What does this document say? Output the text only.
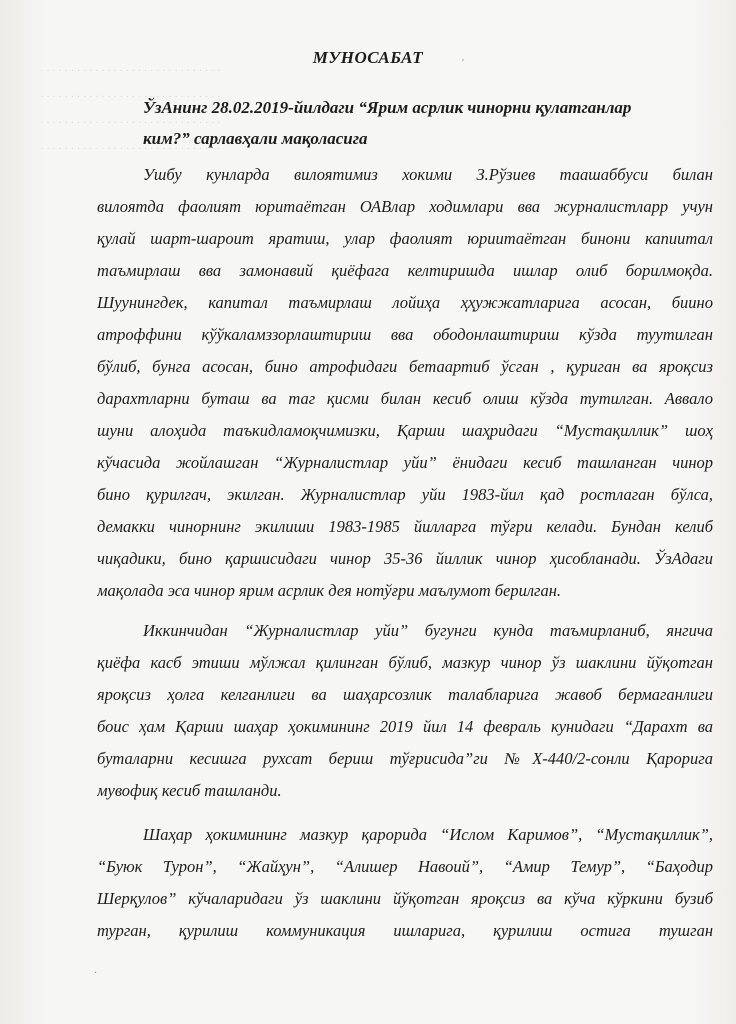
. . . . . . . . . . . . . . . . . . . . . . . . . . . . . .
. . . . . . . . . . . . . . . . . . . . . . . . . . . . . .
. . . . . . . . . . . . . . . . . . . . . . . . . . . . . .
. . . . . . . . . . . . . . . . . . . . . . . . . . . . . .
МУНОСАБАТ
ЎзАнинг 28.02.2019-йилдаги “Ярим асрлик чинорни қулатганлар
ким?” сарлавҳали мақоласига
Ушбу кунларда вилоятимиз хокими З.Рўзиев таашаббуси билан
вилоятда фаолият юритаётган ОАВлар ходимлари вва журналистларр учун
қулай шарт-шароит яратиш, улар фаолият юриитаётган бинони капиитал
таъмирлаш вва замонавий қиёфага келтиришда ишлар олиб борилмоқда.
Шуунингдек, капитал таъмирлаш лойиҳа ҳҳужжатларига асосан, биино
атроффини кўўкаламззорлаштириш вва ободонлаштириш кўзда туутилган
бўлиб, бунга асосан, бино атрофидаги бетаартиб ўсган , қуриган ва яроқсиз
дарахтларни буташ ва таг қисми билан кесиб олиш кўзда тутилган. Аввало
шуни алоҳида таъкидламоқчимизки, Қарши шаҳридаги “Мустақиллик” шоҳ
кўчасида жойлашган “Журналистлар уйи” ёнидаги кесиб ташланган чинор
бино қурилгач, экилган. Журналистлар уйи 1983-йил қад ростлаган бўлса,
демакки чинорнинг экилиши 1983-1985 йилларга тўғри келади. Бундан келиб
чиқадики, бино қаршисидаги чинор 35-36 йиллик чинор ҳисобланади. ЎзАдаги
мақолада эса чинор ярим асрлик дея нотўғри маълумот берилган.
Иккинчидан “Журналистлар уйи” бугунги кунда таъмирланиб, янгича
қиёфа касб этиши мўлжал қилинган бўлиб, мазкур чинор ўз шаклини йўқотган
яроқсиз ҳолга келганлиги ва шаҳарсозлик талабларига жавоб бермаганлиги
боис ҳам Қарши шаҳар ҳокимининг 2019 йил 14 февраль кунидаги “Дарахт ва
буталарни кесишга рухсат бериш тўғрисида”ги №Х-440/2-сонли Қарорига
мувофиқ кесиб ташланди.
Шаҳар ҳокимининг мазкур қарорида “Ислом Каримов”, “Мустақиллик”,
“Буюк Турон”, “Жайҳун”, “Алишер Навоий”, “Амир Темур”, “Баҳодир
Шерқулов” кўчаларидаги ўз шаклини йўқотган яроқсиз ва кўча кўркини бузиб
турган, қурилиш коммуникация ишларига, қурилиш остига тушган
′
·
